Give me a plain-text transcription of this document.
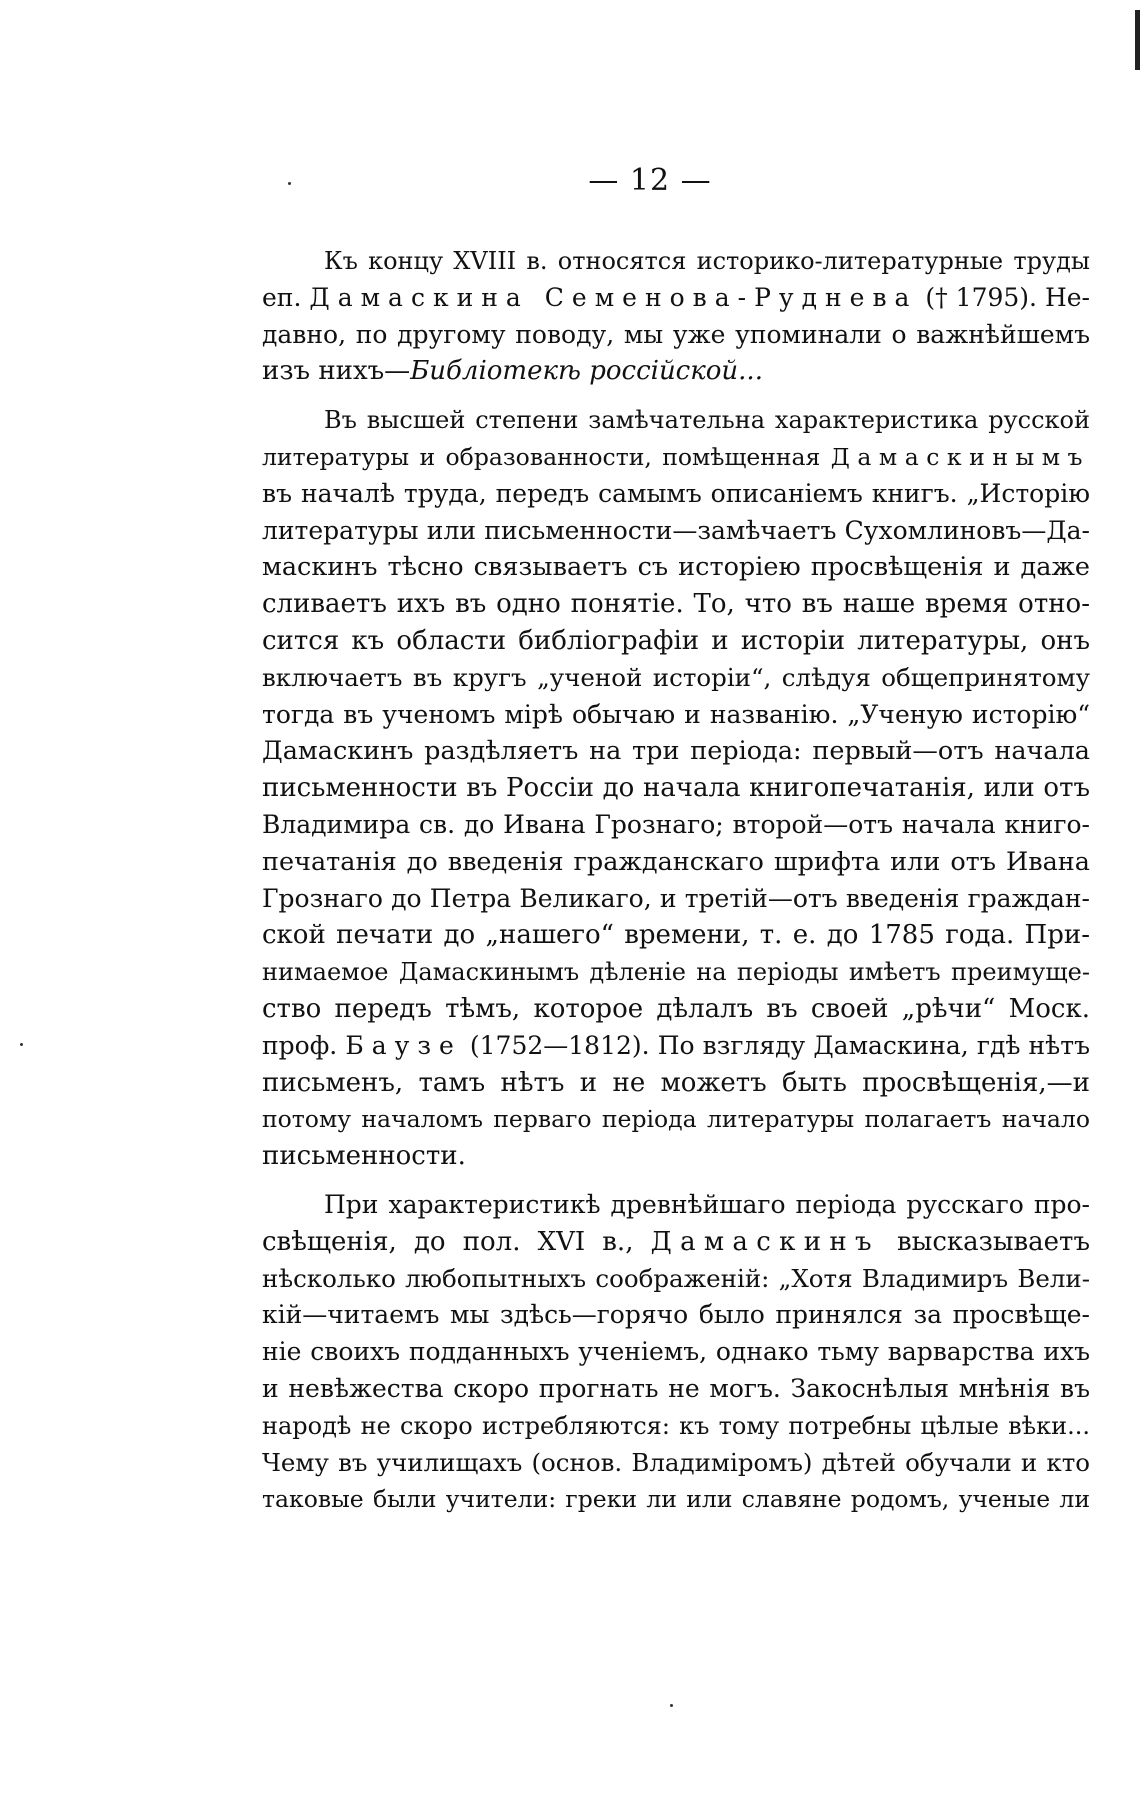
— 12 —
Къ концу XVIII в. относятся историко-литературные труды
еп. Дамаскина Семенова-Руднева († 1795). Не-
давно, по другому поводу, мы уже упоминали о важнѣйшемъ
изъ нихъ—Библіотекѣ россійской...
Въ высшей степени замѣчательна характеристика русской
литературы и образованности, помѣщенная Дамаскинымъ
въ началѣ труда, передъ самымъ описаніемъ книгъ. „Исторію
литературы или письменности—замѣчаетъ Сухомлиновъ—Да-
маскинъ тѣсно связываетъ съ исторіею просвѣщенія и даже
сливаетъ ихъ въ одно понятіе. То, что въ наше время отно-
сится къ области библіографіи и исторіи литературы, онъ
включаетъ въ кругъ „ученой исторіи“, слѣдуя общепринятому
тогда въ ученомъ мірѣ обычаю и названію. „Ученую исторію“
Дамаскинъ раздѣляетъ на три періода: первый—отъ начала
письменности въ Россіи до начала книгопечатанія, или отъ
Владимира св. до Ивана Грознаго; второй—отъ начала книго-
печатанія до введенія гражданскаго шрифта или отъ Ивана
Грознаго до Петра Великаго, и третій—отъ введенія граждан-
ской печати до „нашего“ времени, т. е. до 1785 года. При-
нимаемое Дамаскинымъ дѣленіе на періоды имѣетъ преимуще-
ство передъ тѣмъ, которое дѣлалъ въ своей „рѣчи“ Моск.
проф. Баузе (1752—1812). По взгляду Дамаскина, гдѣ нѣтъ
письменъ, тамъ нѣтъ и не можетъ быть просвѣщенія,—и
потому началомъ перваго періода литературы полагаетъ начало
письменности.
При характеристикѣ древнѣйшаго періода русскаго про-
свѣщенія, до пол. XVI в., Дамаскинъ высказываетъ
нѣсколько любопытныхъ соображеній: „Хотя Владимиръ Вели-
кій—читаемъ мы здѣсь—горячо было принялся за просвѣще-
ніе своихъ подданныхъ ученіемъ, однако тьму варварства ихъ
и невѣжества скоро прогнать не могъ. Закоснѣлыя мнѣнія въ
народѣ не скоро истребляются: къ тому потребны цѣлые вѣки...
Чему въ училищахъ (основ. Владиміромъ) дѣтей обучали и кто
таковые были учители: греки ли или славяне родомъ, ученые ли
